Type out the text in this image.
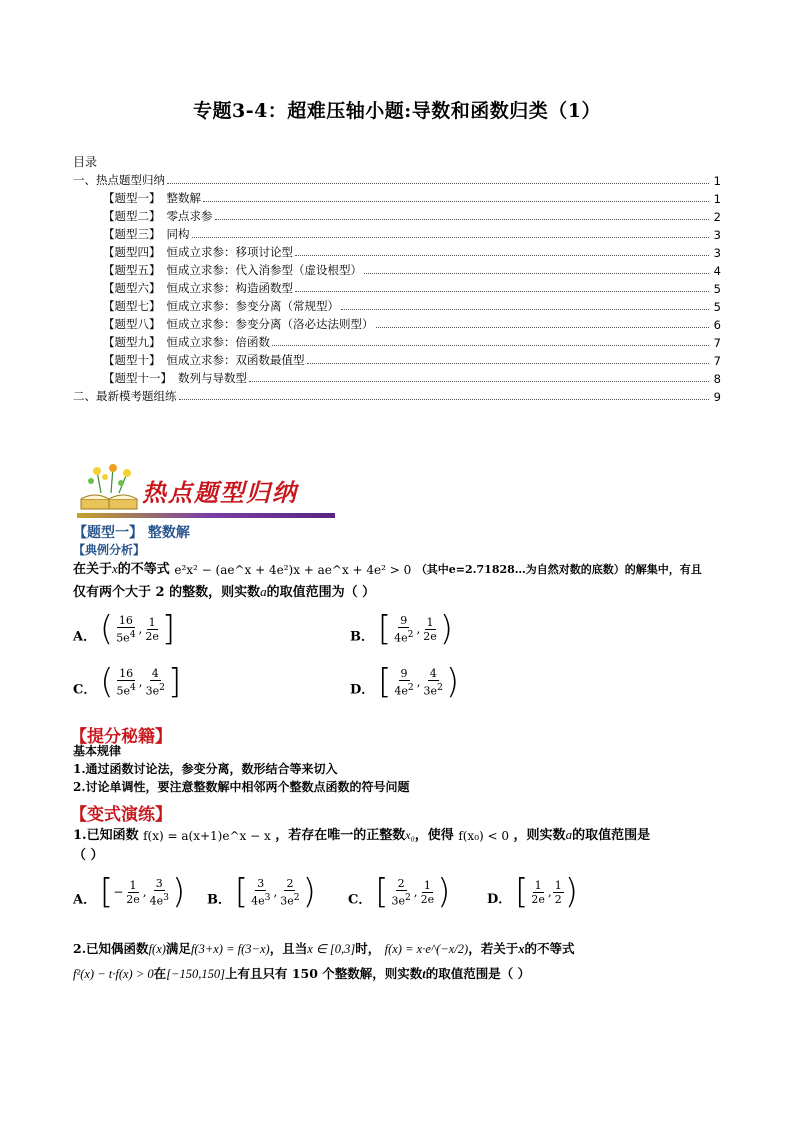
专题3-4：超难压轴小题:导数和函数归类（1）
目录
一、热点题型归纳	1
【题型一】 整数解	1
【题型二】 零点求参	2
【题型三】 同构	3
【题型四】 恒成立求参：移项讨论型	3
【题型五】 恒成立求参：代入消参型（虚设根型）	4
【题型六】 恒成立求参：构造函数型	5
【题型七】 恒成立求参：参变分离（常规型）	5
【题型八】 恒成立求参：参变分离（洛必达法则型）	6
【题型九】 恒成立求参：倍函数	7
【题型十】 恒成立求参：双函数最值型	7
【题型十一】 数列与导数型	8
二、最新模考题组练	9
热点题型归纳
【题型一】 整数解
【典例分析】
在关于x的不等式 e²x² − (ae^x + 4e²)x + ae^x + 4e² > 0 （其中e=2.71828…为自然对数的底数）的解集中，有且
仅有两个大于 2 的整数，则实数a的取值范围为（ ）
A． ( $\frac{16}{5e^4}$ , $\frac{1}{2e}$ ]	B． [ $\frac{9}{4e^2}$ , $\frac{1}{2e}$ )
C． ( $\frac{16}{5e^4}$ , $\frac{4}{3e^2}$ ]	D． [ $\frac{9}{4e^2}$ , $\frac{4}{3e^2}$ )
【提分秘籍】
基本规律
1.通过函数讨论法，参变分离，数形结合等来切入
2.讨论单调性，要注意整数解中相邻两个整数点函数的符号问题
【变式演练】
1.已知函数 f(x) = a(x+1)e^x − x ，若存在唯一的正整数x₀，使得 f(x₀) < 0 ，则实数a的取值范围是
（ ）
A． [ − $\frac{1}{2e}$ , $\frac{3}{4e^3}$ ) B． [ $\frac{3}{4e^3}$ , $\frac{2}{3e^2}$ ) C． [ $\frac{2}{3e^2}$ , $\frac{1}{2e}$ )	D． [ $\frac{1}{2e}$ , $\frac{1}{2}$ )
2.已知偶函数f(x)满足f(3+x) = f(3−x)，且当x ∈ [0,3]时， f(x) = x·e^(−x/2)，若关于x的不等式
f²(x) − t·f(x) > 0在[−150,150]上有且只有 150 个整数解，则实数t的取值范围是（ ）
